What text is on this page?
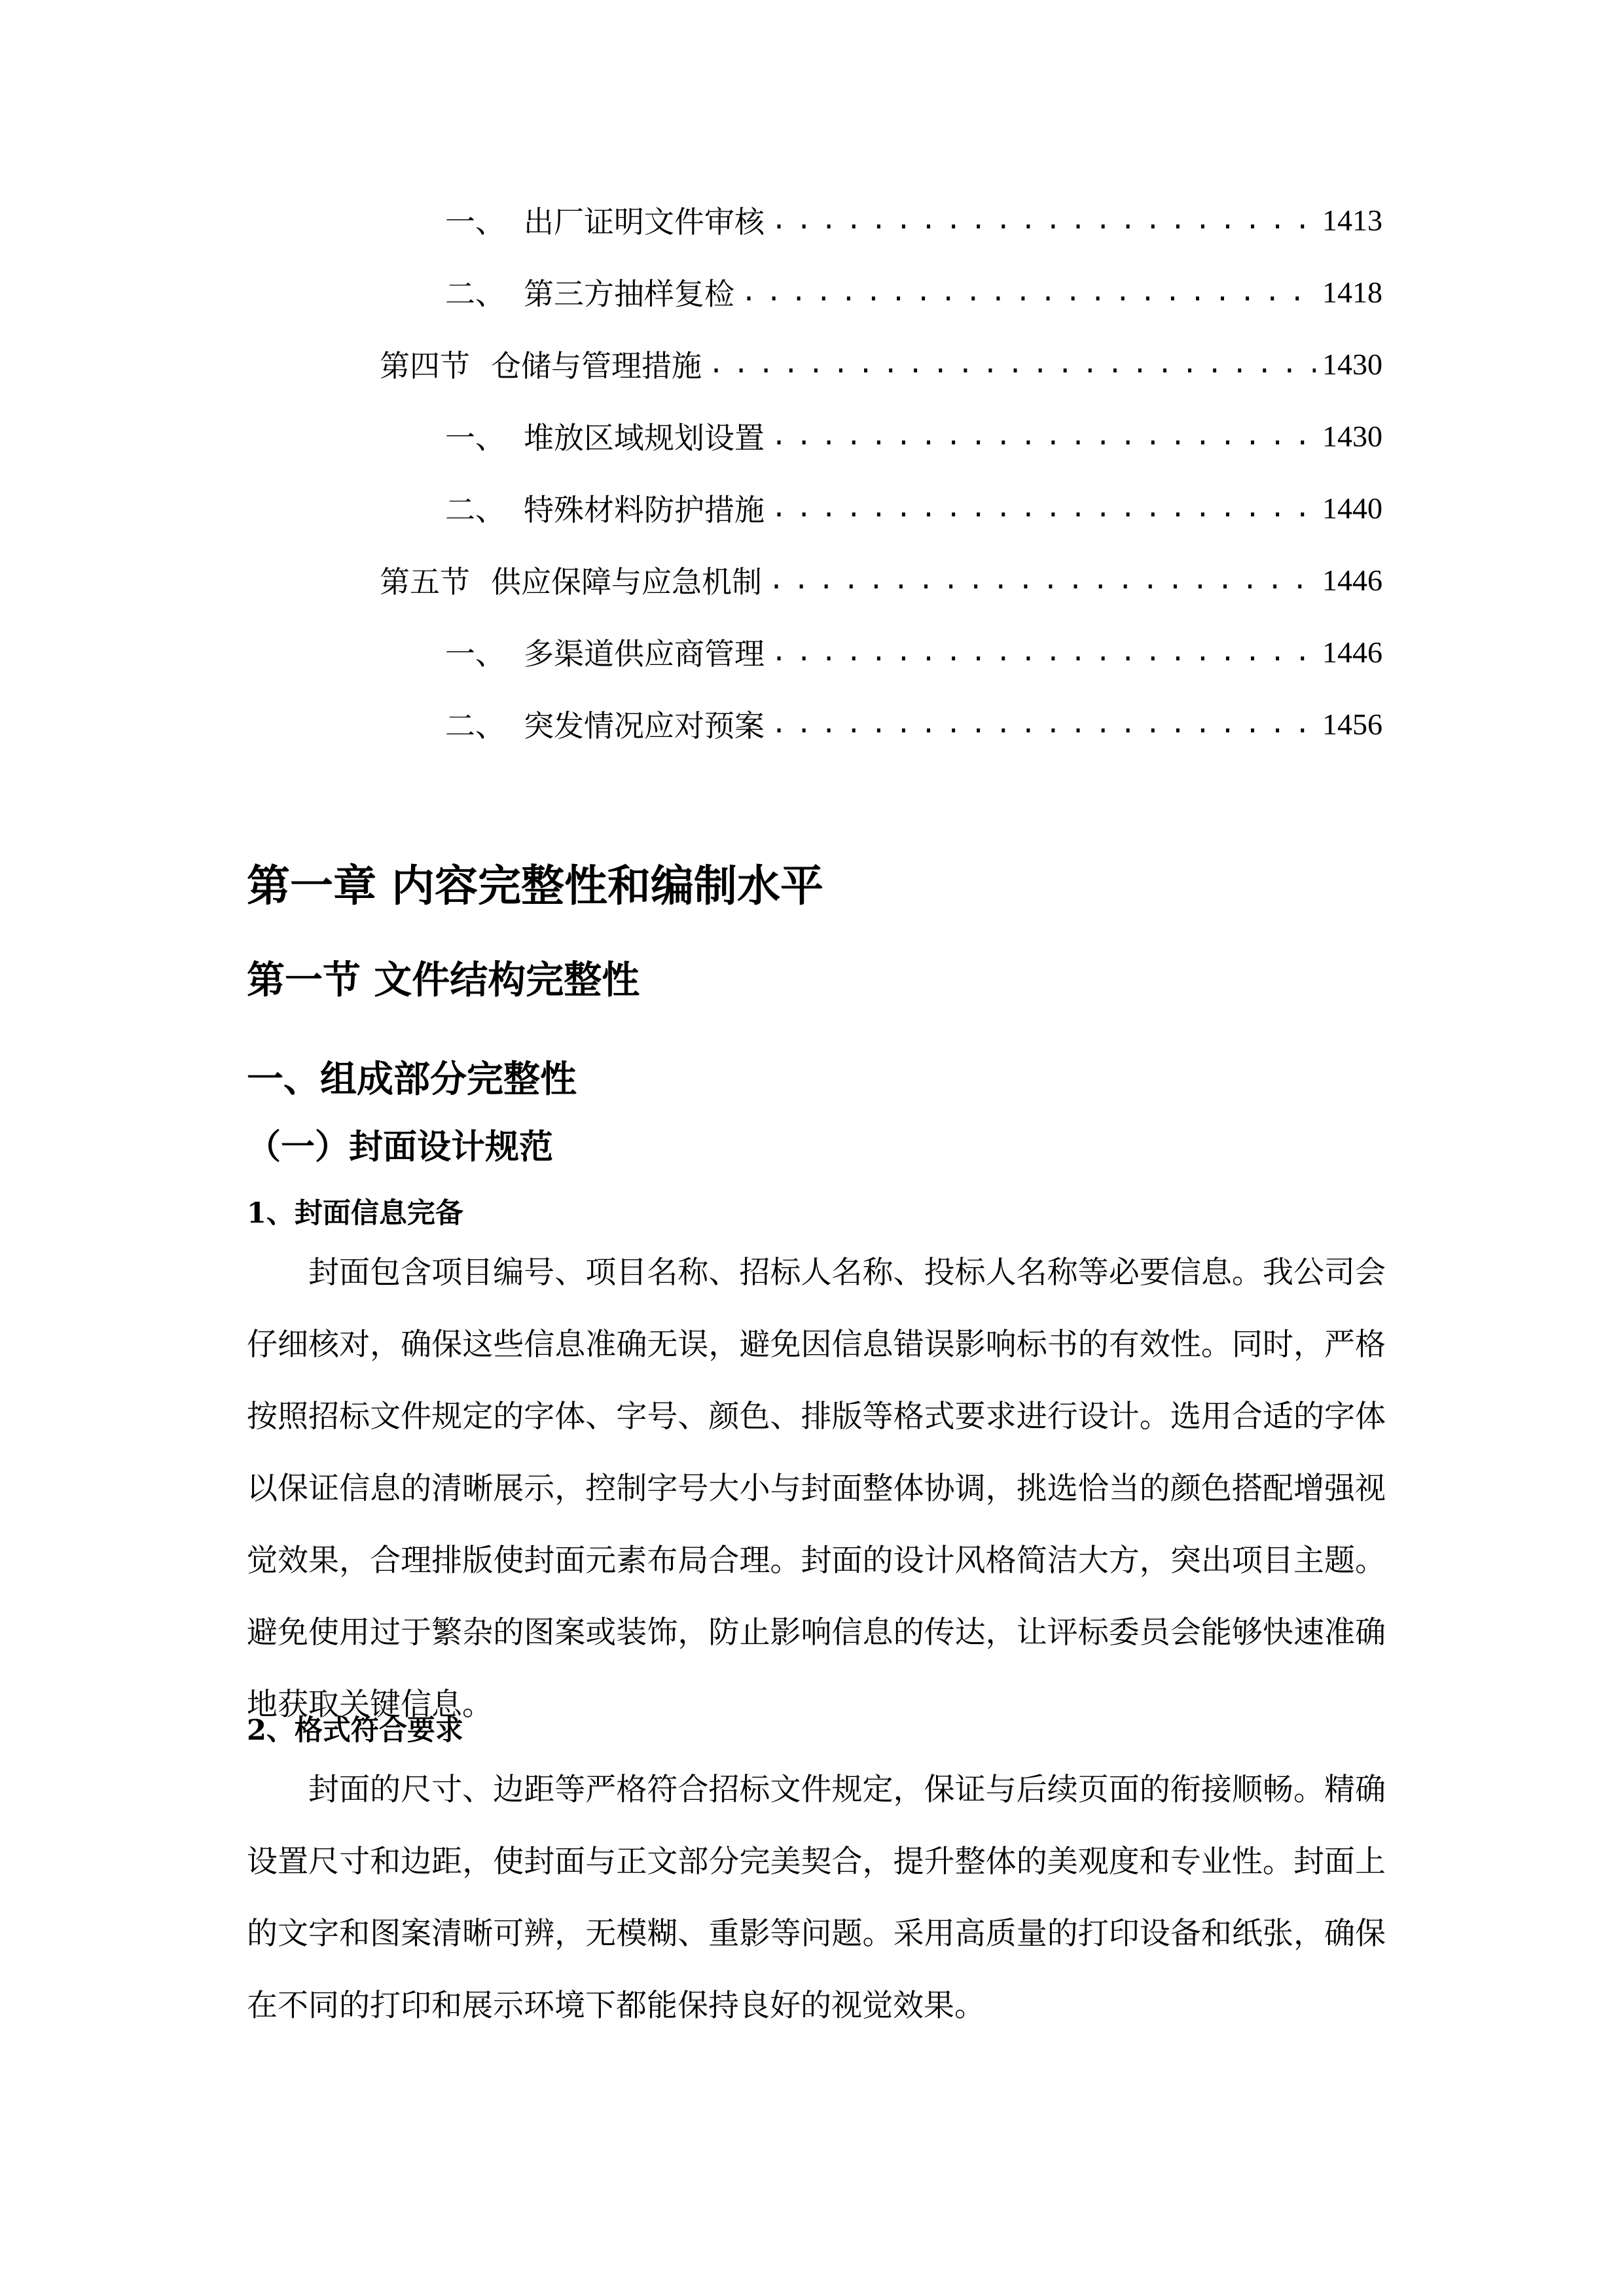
一、 出厂证明文件审核 .....	1413
二、 第三方抽样复检 .....	1418
第四节 仓储与管理措施 .....	1430
一、 堆放区域规划设置 .....	1430
二、 特殊材料防护措施 .....	1440
第五节 供应保障与应急机制 .....	1446
一、 多渠道供应商管理 .....	1446
二、 突发情况应对预案 .....	1456
第一章 内容完整性和编制水平
第一节 文件结构完整性
一、组成部分完整性
（一）封面设计规范
1、封面信息完备

封面包含项目编号、项目名称、招标人名称、投标人名称等必要信息。我公司会仔细核对，确保这些信息准确无误，避免因信息错误影响标书的有效性。同时，严格按照招标文件规定的字体、字号、颜色、排版等格式要求进行设计。选用合适的字体以保证信息的清晰展示，控制字号大小与封面整体协调，挑选恰当的颜色搭配增强视觉效果，合理排版使封面元素布局合理。封面的设计风格简洁大方，突出项目主题。避免使用过于繁杂的图案或装饰，防止影响信息的传达，让评标委员会能够快速准确地获取关键信息。

2、格式符合要求

封面的尺寸、边距等严格符合招标文件规定，保证与后续页面的衔接顺畅。精确设置尺寸和边距，使封面与正文部分完美契合，提升整体的美观度和专业性。封面上的文字和图案清晰可辨，无模糊、重影等问题。采用高质量的打印设备和纸张，确保在不同的打印和展示环境下都能保持良好的视觉效果。
